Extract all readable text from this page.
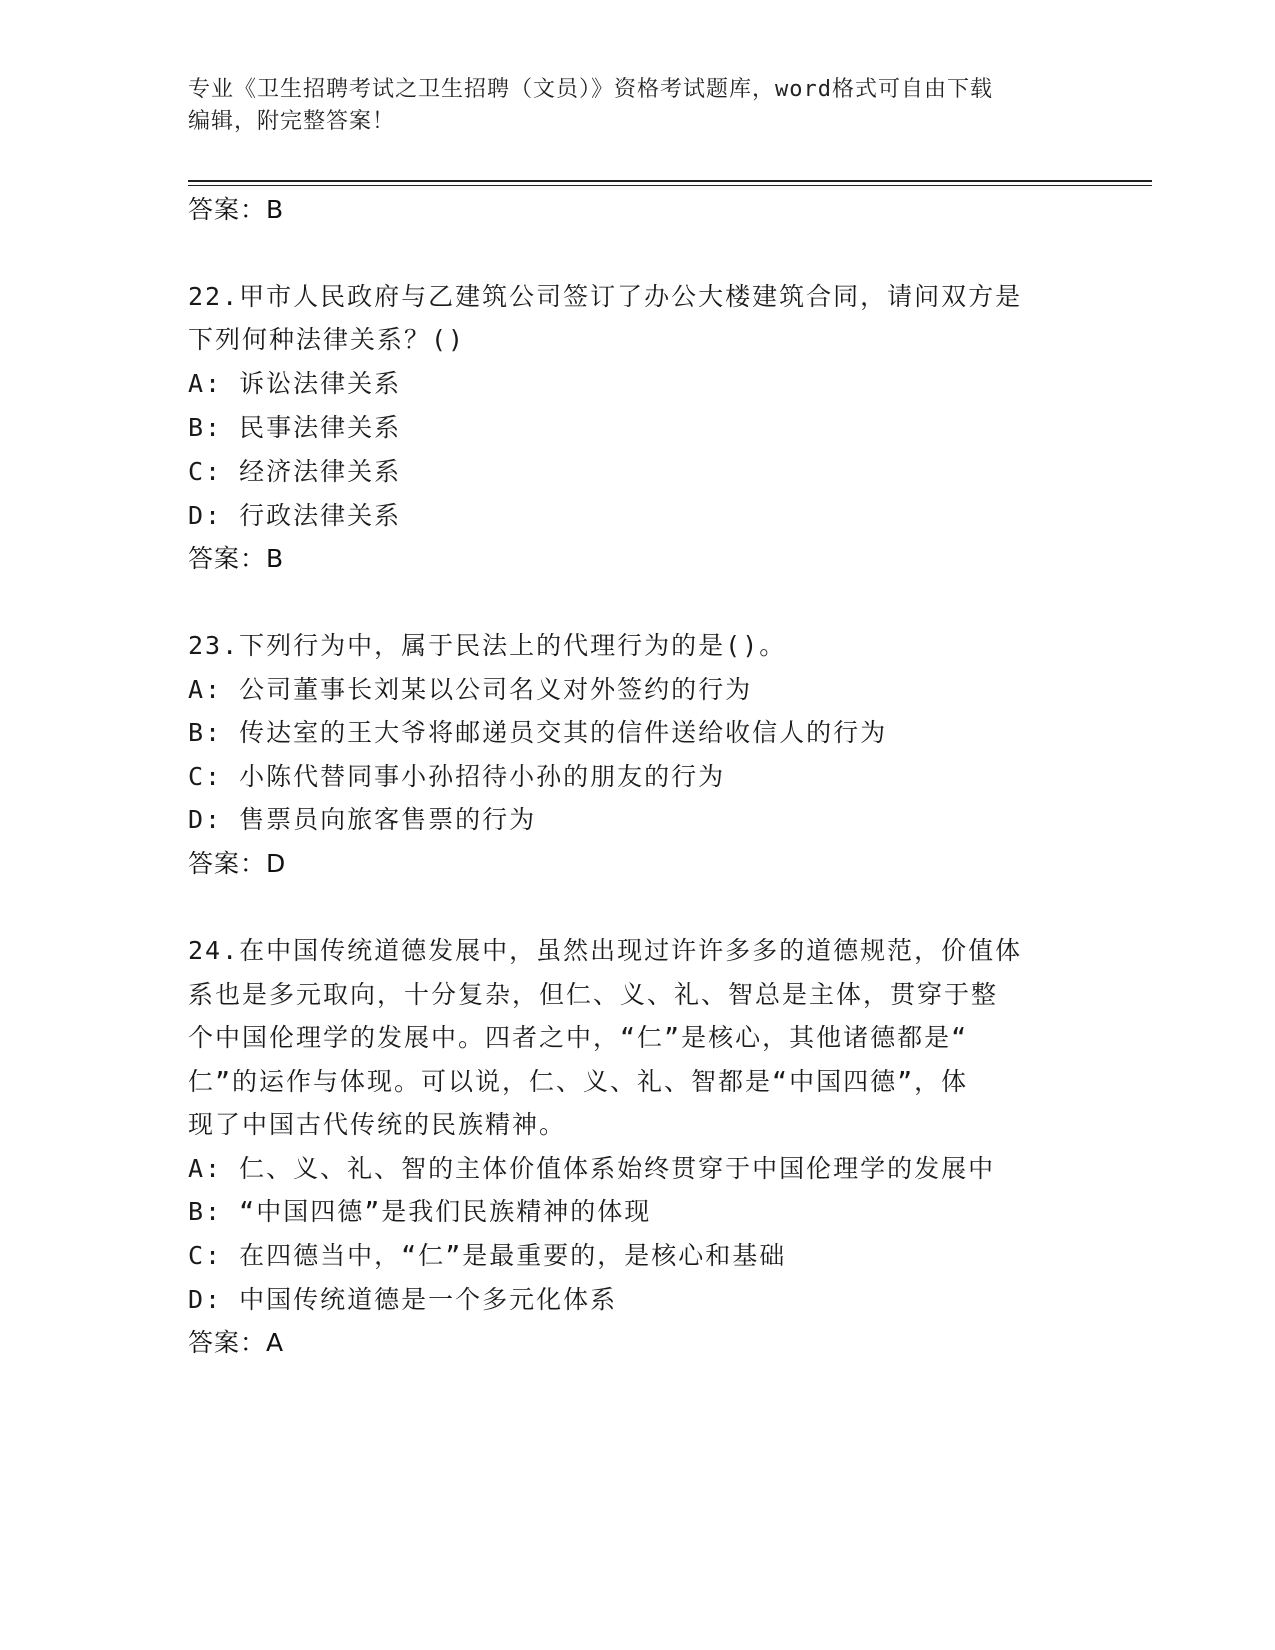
专业《卫生招聘考试之卫生招聘（文员）》资格考试题库，word格式可自由下载
编辑，附完整答案！
答案：B
22.甲市人民政府与乙建筑公司签订了办公大楼建筑合同，请问双方是
下列何种法律关系？()
A: 诉讼法律关系
B: 民事法律关系
C: 经济法律关系
D: 行政法律关系
答案：B
23.下列行为中，属于民法上的代理行为的是()。
A: 公司董事长刘某以公司名义对外签约的行为
B: 传达室的王大爷将邮递员交其的信件送给收信人的行为
C: 小陈代替同事小孙招待小孙的朋友的行为
D: 售票员向旅客售票的行为
答案：D
24.在中国传统道德发展中，虽然出现过许许多多的道德规范，价值体
系也是多元取向，十分复杂，但仁、义、礼、智总是主体，贯穿于整
个中国伦理学的发展中。四者之中，“仁”是核心，其他诸德都是“
仁”的运作与体现。可以说，仁、义、礼、智都是“中国四德”，体
现了中国古代传统的民族精神。
A: 仁、义、礼、智的主体价值体系始终贯穿于中国伦理学的发展中
B: “中国四德”是我们民族精神的体现
C: 在四德当中，“仁”是最重要的，是核心和基础
D: 中国传统道德是一个多元化体系
答案：A
